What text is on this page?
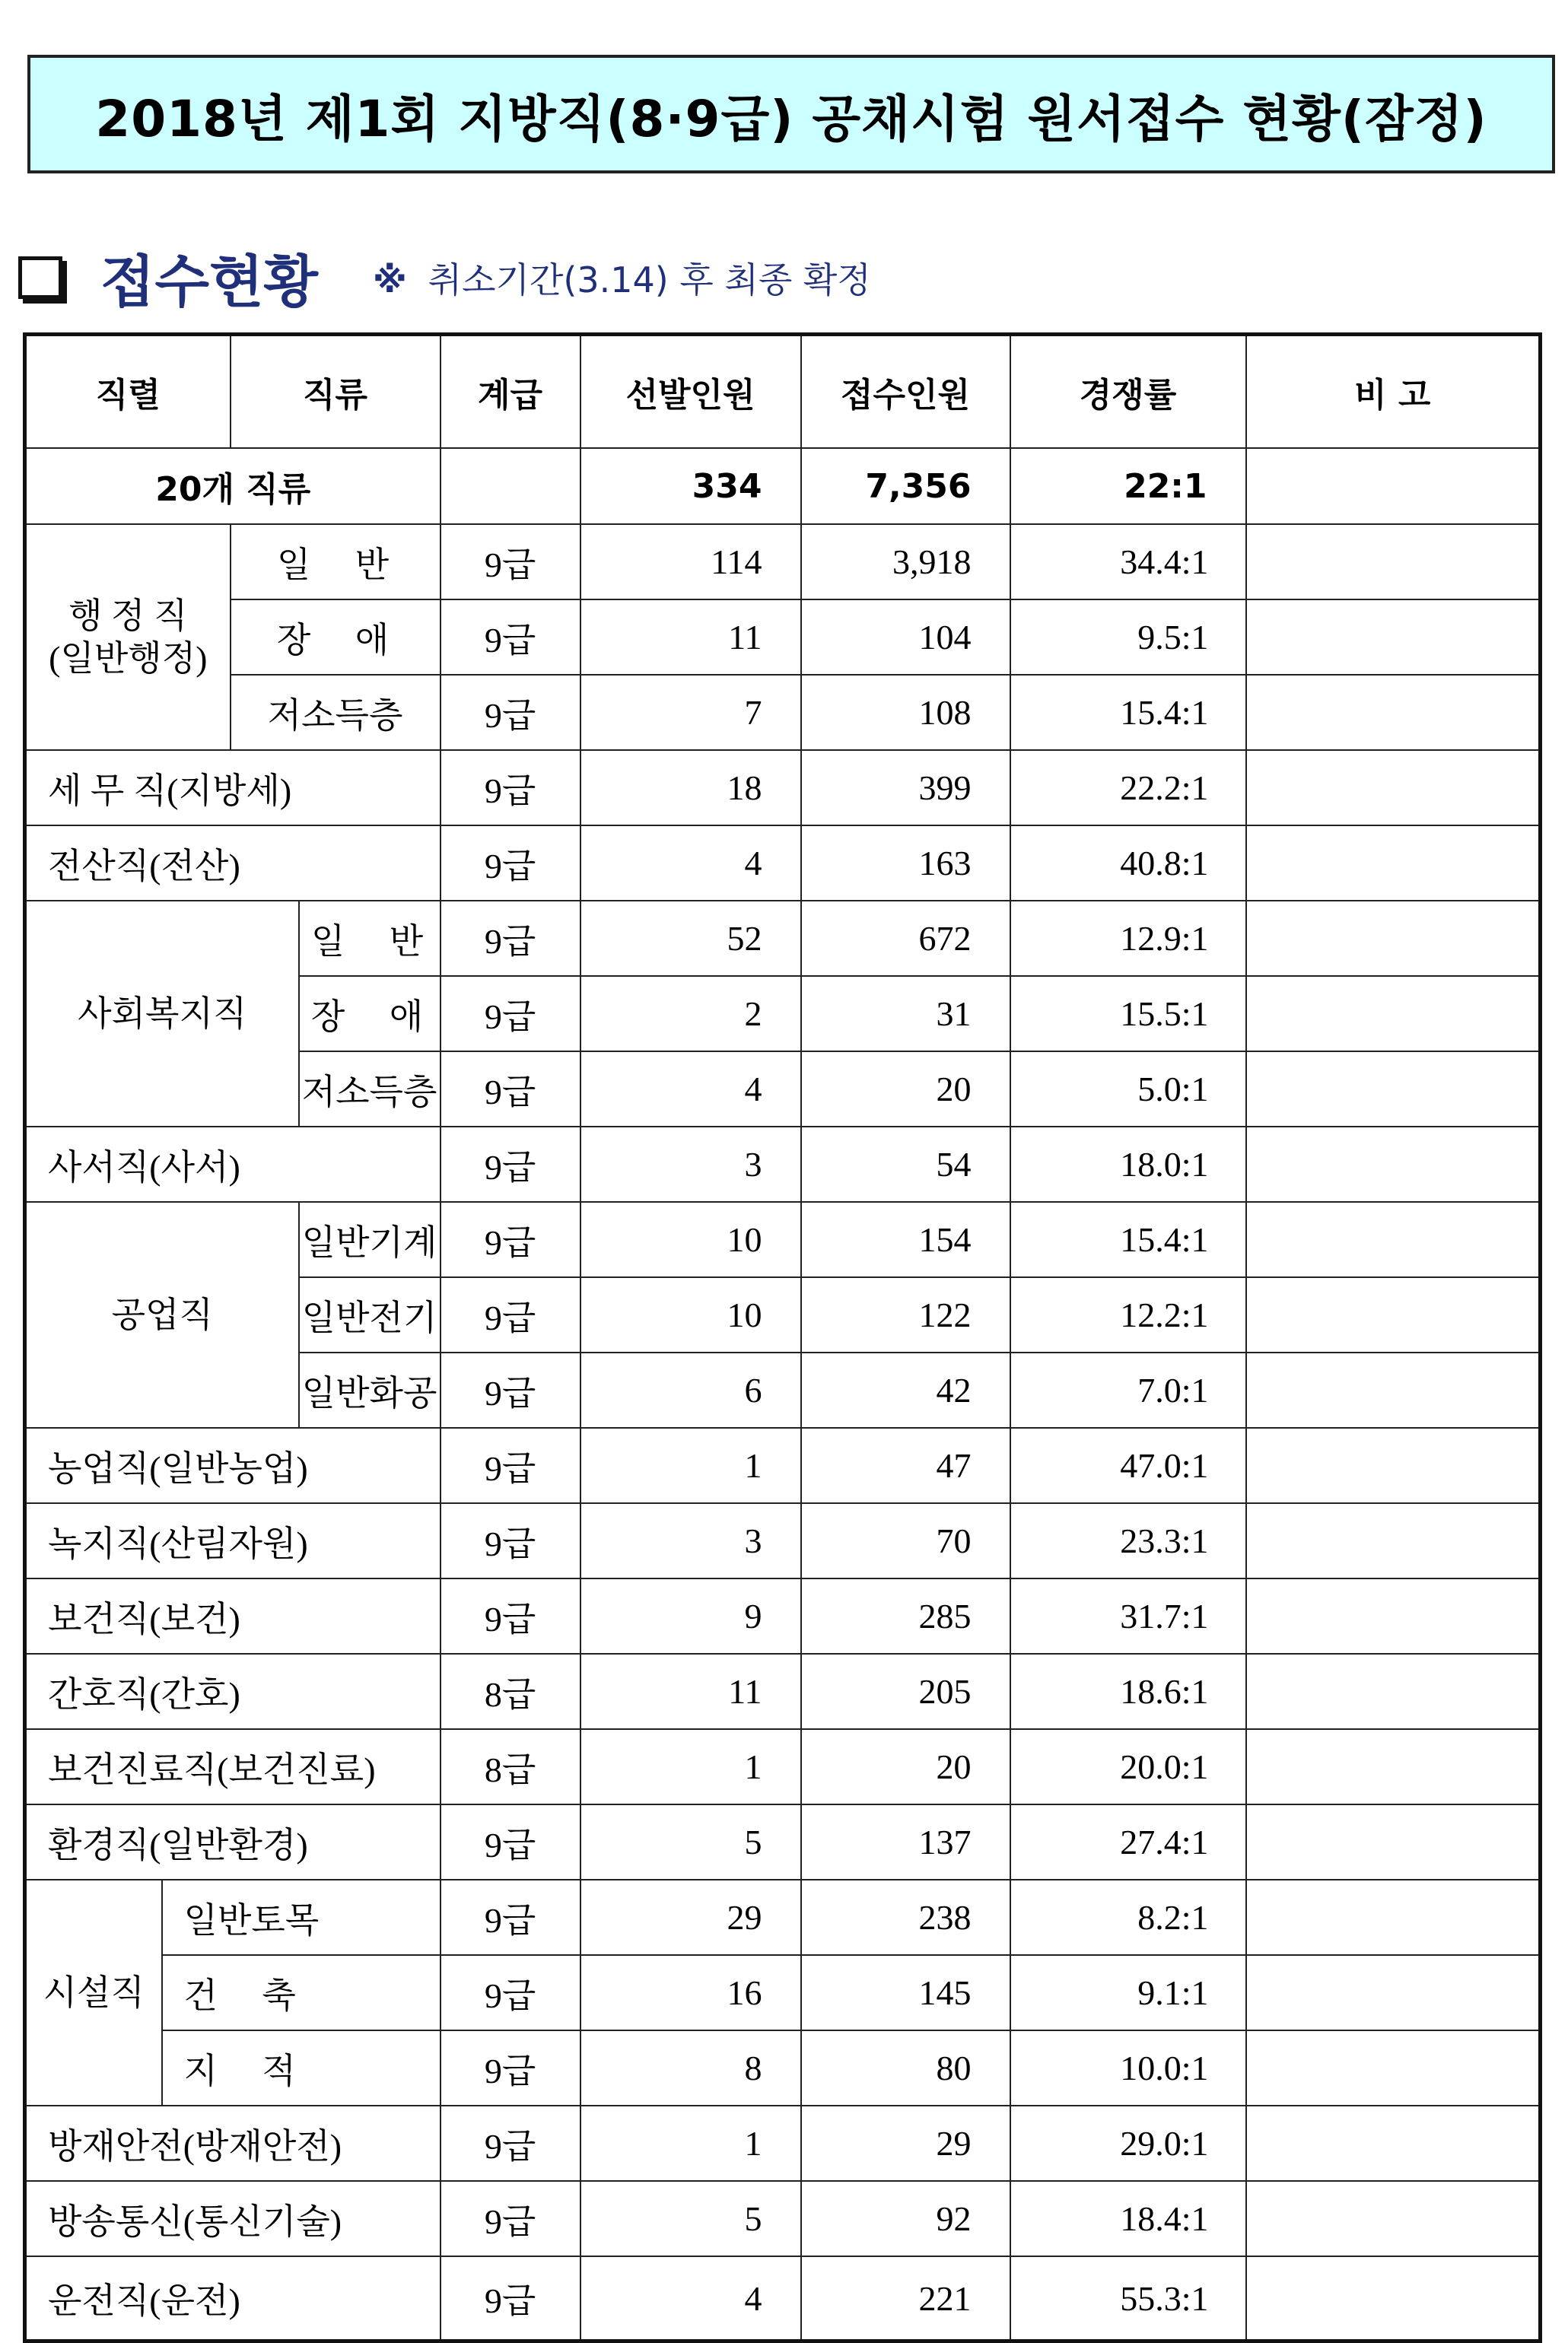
2018년 제1회 지방직(8·9급) 공채시험 원서접수 현황(잠정)
접수현황 ※ 취소기간(3.14) 후 최종 확정
직렬		직류		계급	선발인원	접수인원	경쟁률	비 고
20개 직류					334	7,356	22:1	

행 정 직
(일반행정)		일   반		9급	114	3,918	34.4:1	
		장   애		9급	11	104	9.5:1	
		저소득층		9급	7	108	15.4:1	
세 무 직(지방세)				9급	18	399	22.2:1	
전산직(전산)				9급	4	163	40.8:1	
사회복지직			일   반	9급	52	672	12.9:1	
			장   애	9급	2	31	15.5:1	
			저소득층	9급	4	20	5.0:1	
사서직(사서)				9급	3	54	18.0:1	
공업직			일반기계	9급	10	154	15.4:1	
			일반전기	9급	10	122	12.2:1	
			일반화공	9급	6	42	7.0:1	
농업직(일반농업)				9급	1	47	47.0:1	
녹지직(산림자원)				9급	3	70	23.3:1	
보건직(보건)				9급	9	285	31.7:1	
간호직(간호)				8급	11	205	18.6:1	
보건진료직(보건진료)				8급	1	20	20.0:1	
환경직(일반환경)				9급	5	137	27.4:1	
시설직	일반토목			9급	29	238	8.2:1	
	건   축			9급	16	145	9.1:1	
	지   적			9급	8	80	10.0:1	
방재안전(방재안전)				9급	1	29	29.0:1	
방송통신(통신기술)				9급	5	92	18.4:1	
운전직(운전)				9급	4	221	55.3:1	
